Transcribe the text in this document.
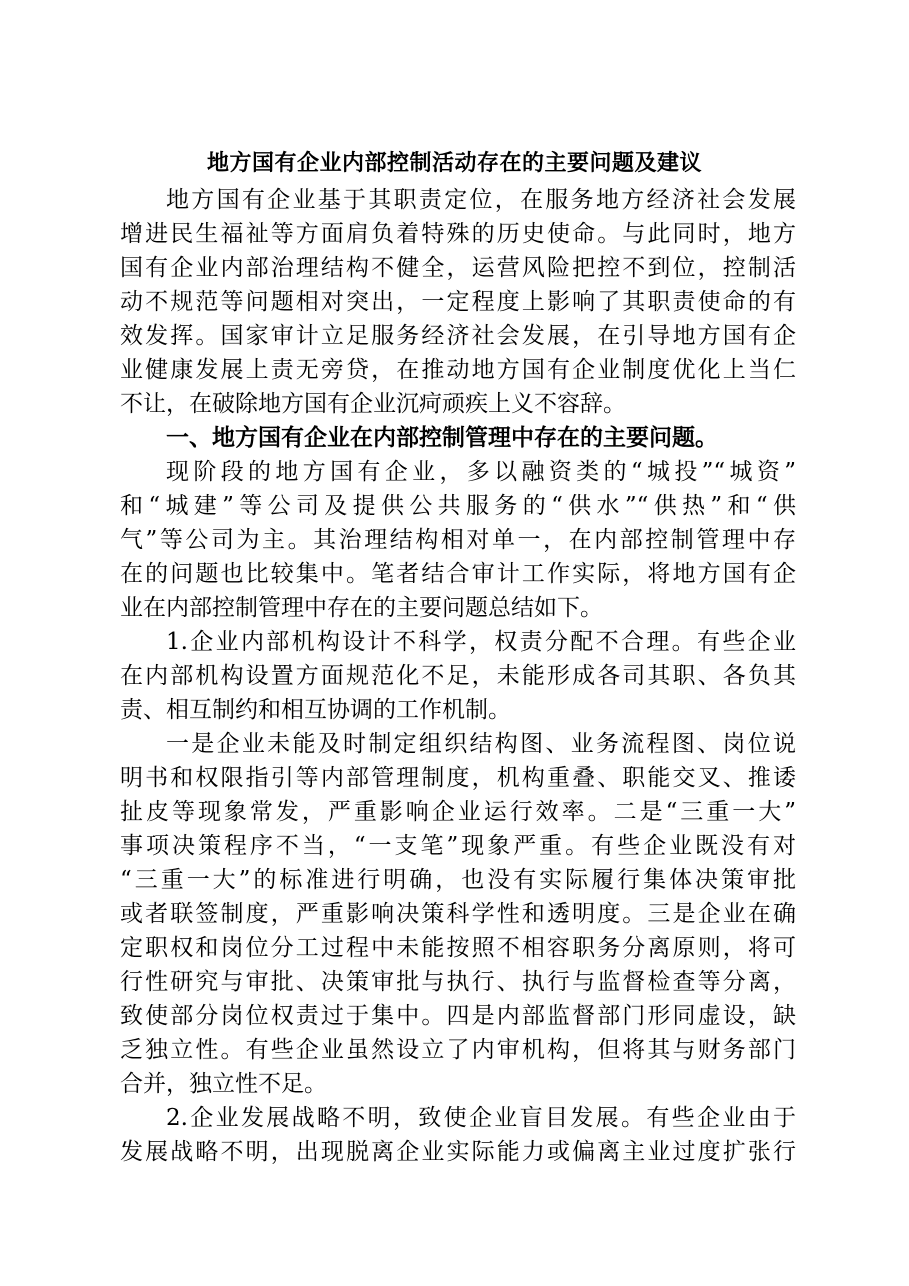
地方国有企业内部控制活动存在的主要问题及建议
地方国有企业基于其职责定位，在服务地方经济社会发展
增进民生福祉等方面肩负着特殊的历史使命。与此同时，地方
国有企业内部治理结构不健全，运营风险把控不到位，控制活
动不规范等问题相对突出，一定程度上影响了其职责使命的有
效发挥。国家审计立足服务经济社会发展，在引导地方国有企
业健康发展上责无旁贷，在推动地方国有企业制度优化上当仁
不让，在破除地方国有企业沉疴顽疾上义不容辞。
一、地方国有企业在内部控制管理中存在的主要问题。
现阶段的地方国有企业，多以融资类的“城投”“城资”
和“城建”等公司及提供公共服务的“供水”“供热”和“供
气”等公司为主。其治理结构相对单一，在内部控制管理中存
在的问题也比较集中。笔者结合审计工作实际，将地方国有企
业在内部控制管理中存在的主要问题总结如下。
1.企业内部机构设计不科学，权责分配不合理。有些企业
在内部机构设置方面规范化不足，未能形成各司其职、各负其
责、相互制约和相互协调的工作机制。
一是企业未能及时制定组织结构图、业务流程图、岗位说
明书和权限指引等内部管理制度，机构重叠、职能交叉、推诿
扯皮等现象常发，严重影响企业运行效率。二是“三重一大”
事项决策程序不当，“一支笔”现象严重。有些企业既没有对
“三重一大”的标准进行明确，也没有实际履行集体决策审批
或者联签制度，严重影响决策科学性和透明度。三是企业在确
定职权和岗位分工过程中未能按照不相容职务分离原则，将可
行性研究与审批、决策审批与执行、执行与监督检查等分离，
致使部分岗位权责过于集中。四是内部监督部门形同虚设，缺
乏独立性。有些企业虽然设立了内审机构，但将其与财务部门
合并，独立性不足。
2.企业发展战略不明，致使企业盲目发展。有些企业由于
发展战略不明，出现脱离企业实际能力或偏离主业过度扩张行
